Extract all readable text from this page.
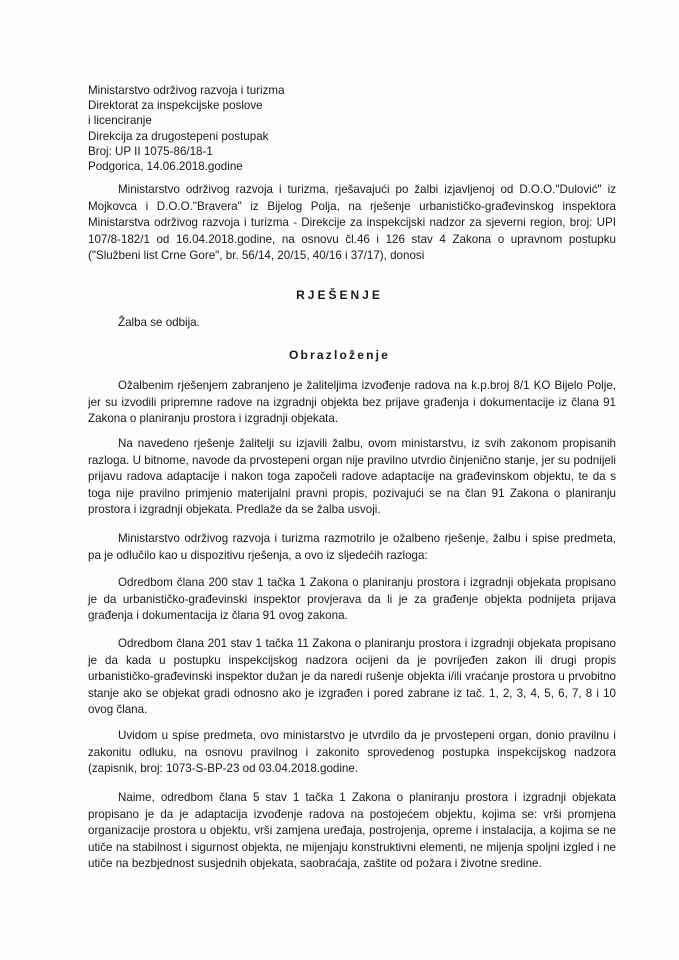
Ministarstvo održivog razvoja i turizma
Direktorat za inspekcijske poslove
i licenciranje
Direkcija za drugostepeni postupak
Broj: UP II 1075-86/18-1
Podgorica, 14.06.2018.godine

Ministarstvo održivog razvoja i turizma, rješavajući po žalbi izjavljenoj od D.O.O."Dulović" iz Mojkovca i D.O.O."Bravera" iz Bijelog Polja, na rješenje urbanističko-građevinskog inspektora Ministarstva održivog razvoja i turizma - Direkcije za inspekcijski nadzor za sjeverni region, broj: UPI 107/8-182/1 od 16.04.2018.godine, na osnovu čl.46 i 126 stav 4 Zakona o upravnom postupku ("Službeni list Crne Gore", br. 56/14, 20/15, 40/16 i 37/17), donosi

RJEŠENJE
Žalba se odbija.
Obrazloženje

Ožalbenim rješenjem zabranjeno je žaliteljima izvođenje radova na k.p.broj 8/1 KO Bijelo Polje, jer su izvodili pripremne radove na izgradnji objekta bez prijave građenja i dokumentacije iz člana 91 Zakona o planiranju prostora i izgradnji objekata.

Na navedeno rješenje žalitelji su izjavili žalbu, ovom ministarstvu, iz svih zakonom propisanih razloga. U bitnome, navode da prvostepeni organ nije pravilno utvrdio činjenično stanje, jer su podnijeli prijavu radova adaptacije i nakon toga započeli radove adaptacije na građevinskom objektu, te da s toga nije pravilno primjenio materijalni pravni propis, pozivajući se na član 91 Zakona o planiranju prostora i izgradnji objekata. Predlaže da se žalba usvoji.

Ministarstvo održivog razvoja i turizma razmotrilo je ožalbeno rješenje, žalbu i spise predmeta, pa je odlučilo kao u dispozitivu rješenja, a ovo iz sljedećih razloga:

Odredbom člana 200 stav 1 tačka 1 Zakona o planiranju prostora i izgradnji objekata propisano je da urbanističko-građevinski inspektor provjerava da li je za građenje objekta podnijeta prijava građenja i dokumentacija iz člana 91 ovog zakona.

Odredbom člana 201 stav 1 tačka 11 Zakona o planiranju prostora i izgradnji objekata propisano je da kada u postupku inspekcijskog nadzora ocijeni da je povrijeđen zakon ili drugi propis urbanističko-građevinski inspektor dužan je da naredi rušenje objekta i/ili vraćanje prostora u prvobitno stanje ako se objekat gradi odnosno ako je izgrađen i pored zabrane iz tač. 1, 2, 3, 4, 5, 6, 7, 8 i 10 ovog člana.

Uvidom u spise predmeta, ovo ministarstvo je utvrdilo da je prvostepeni organ, donio pravilnu i zakonitu odluku, na osnovu pravilnog i zakonito sprovedenog postupka inspekcijskog nadzora (zapisnik, broj: 1073-S-BP-23 od 03.04.2018.godine.

Naime, odredbom člana 5 stav 1 tačka 1 Zakona o planiranju prostora i izgradnji objekata propisano je da je adaptacija izvođenje radova na postojećem objektu, kojima se: vrši promjena organizacije prostora u objektu, vrši zamjena uređaja, postrojenja, opreme i instalacija, a kojima se ne utiče na stabilnost i sigurnost objekta, ne mijenjaju konstruktivni elementi, ne mijenja spoljni izgled i ne utiče na bezbjednost susjednih objekata, saobraćaja, zaštite od požara i životne sredine.
